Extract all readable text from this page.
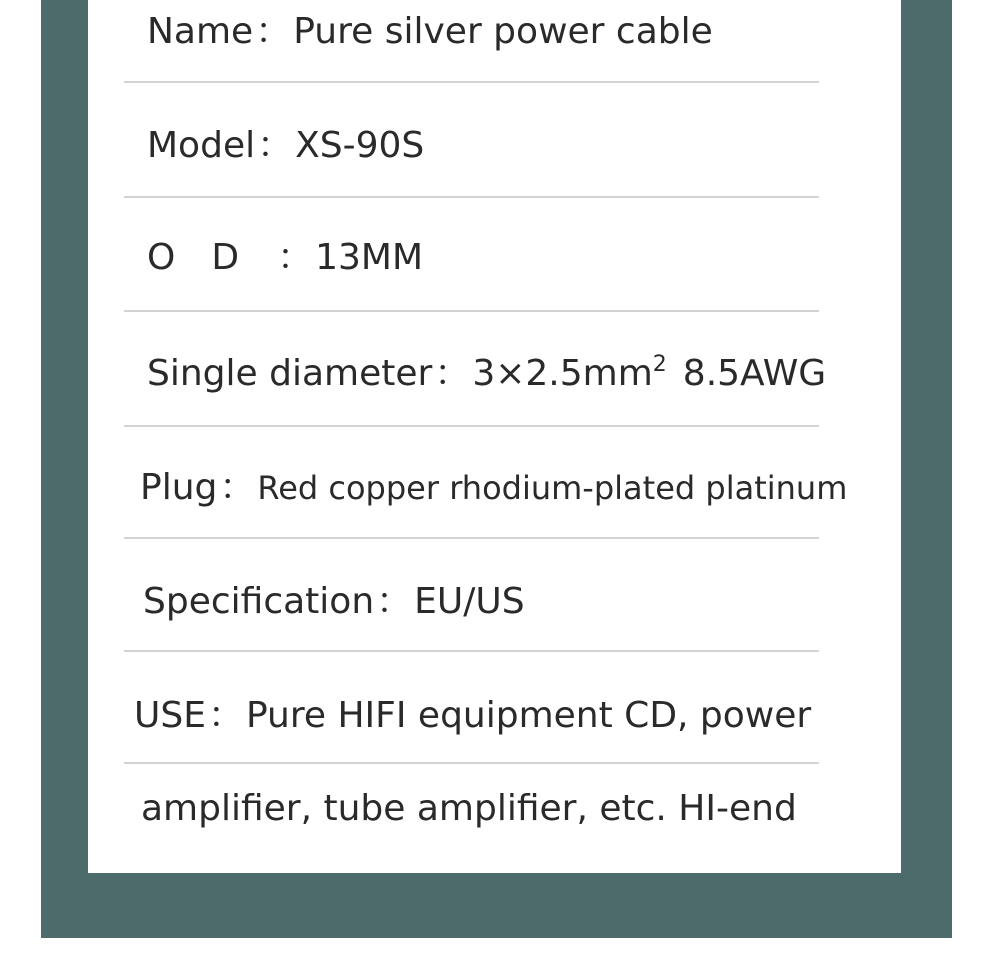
Name：Pure silver power cable
Model：XS-90S
O　D　：13MM
Single diameter：$3\times 2.5mm^2$ 8.5AWG
Plug：Red copper rhodium-plated platinum
Specification：EU/US
USE：Pure HIFI equipment CD, power
amplifier, tube amplifier, etc. HI-end
